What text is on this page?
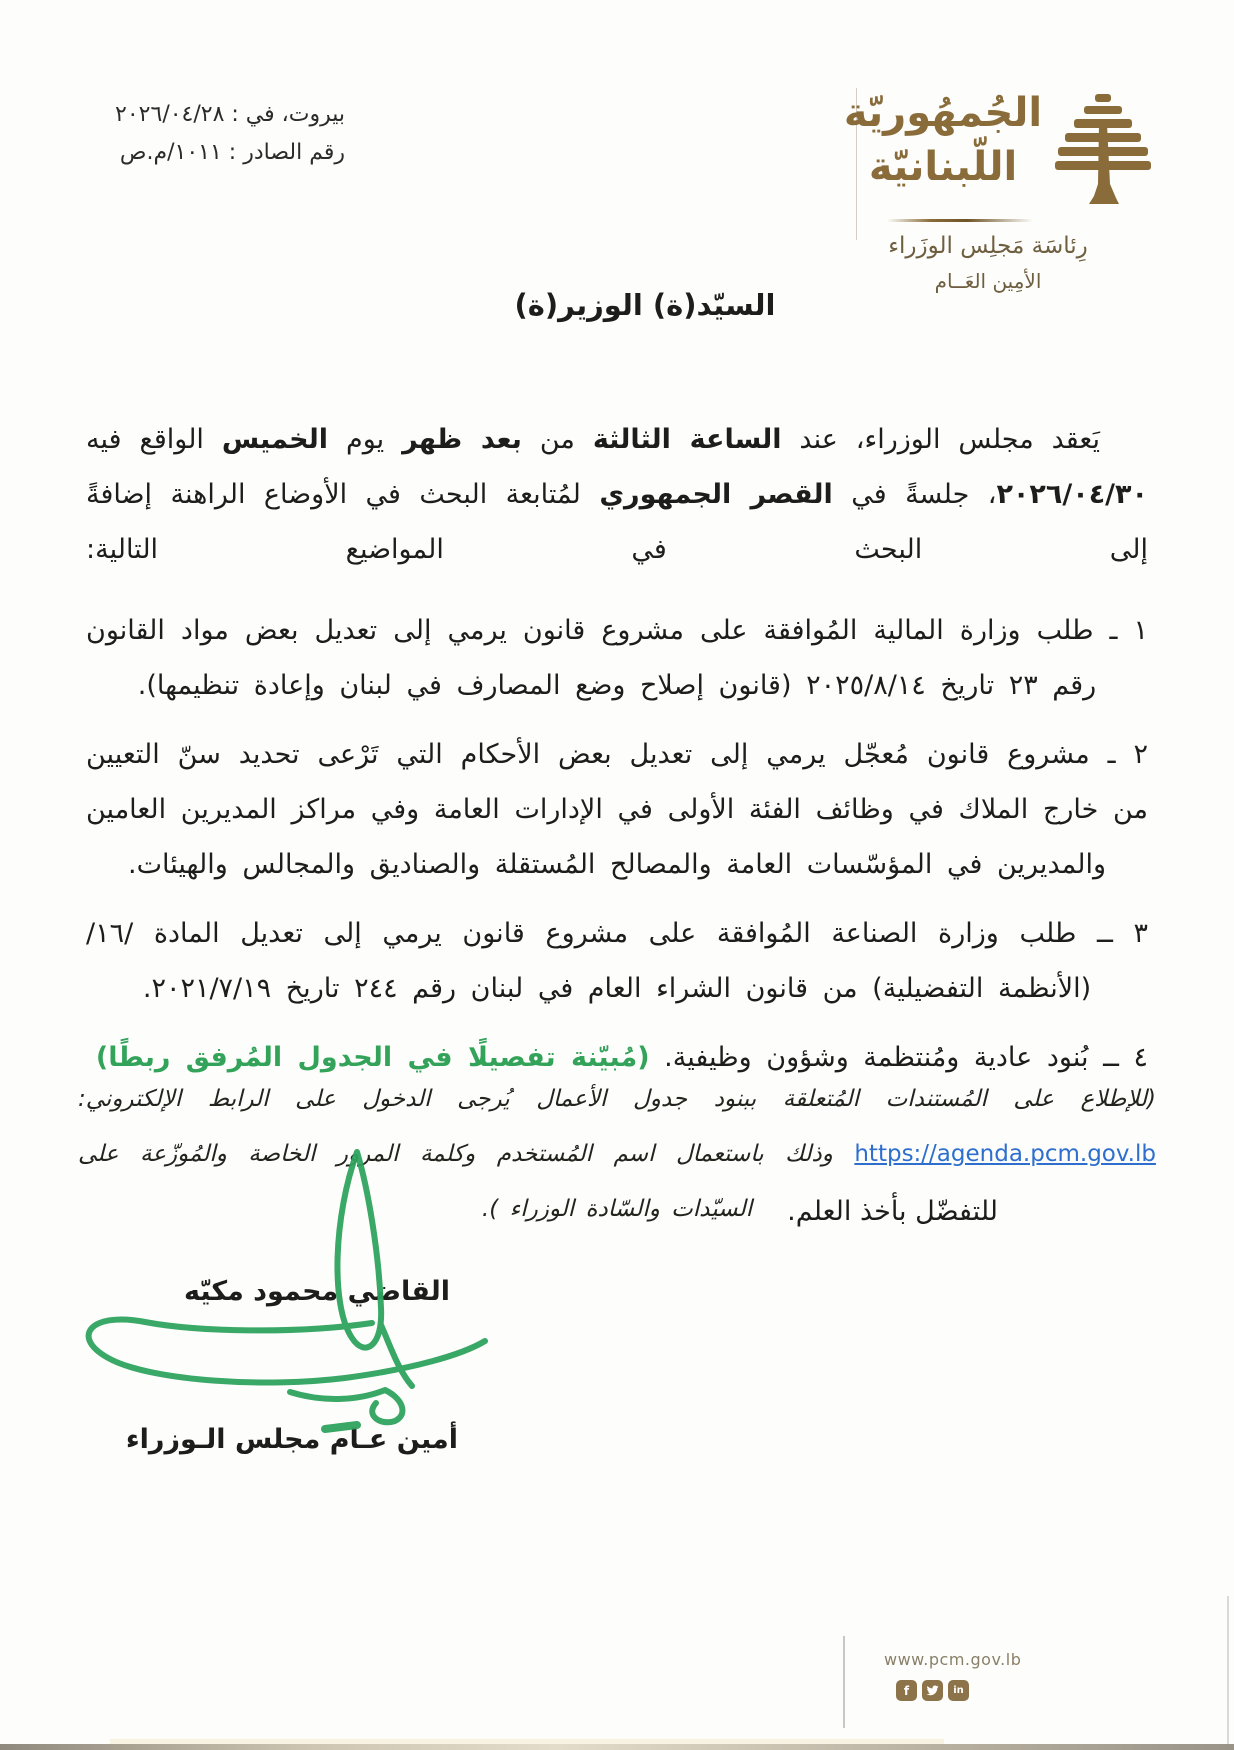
بيروت، في : ٢٠٢٦/٠٤/٢٨
رقم الصادر : ١٠١١/م.ص
الجُمهُوريّة
اللّبنانيّة
رِئاسَة مَجلِس الوزَراء
الأمِين العَــام
السيّد(ة) الوزير(ة)

يَعقد مجلس الوزراء، عند الساعة الثالثة من بعد ظهر يوم الخميس الواقع فيه ٢٠٢٦/٠٤/٣٠، جلسةً في القصر الجمهوري لمُتابعة البحث في الأوضاع الراهنة إضافةً إلى البحث في المواضيع التالية:

١ ـ طلب وزارة المالية المُوافقة على مشروع قانون يرمي إلى تعديل بعض مواد القانون رقم ٢٣ تاريخ ٢٠٢٥/٨/١٤ (قانون إصلاح وضع المصارف في لبنان وإعادة تنظيمها).

٢ ـ مشروع قانون مُعجّل يرمي إلى تعديل بعض الأحكام التي تَرْعى تحديد سنّ التعيين من خارج الملاك في وظائف الفئة الأولى في الإدارات العامة وفي مراكز المديرين العامين والمديرين في المؤسّسات العامة والمصالح المُستقلة والصناديق والمجالس والهيئات.

٣ ــ طلب وزارة الصناعة المُوافقة على مشروع قانون يرمي إلى تعديل المادة /١٦/ (الأنظمة التفضيلية) من قانون الشراء العام في لبنان رقم ٢٤٤ تاريخ ٢٠٢١/٧/١٩.

٤ ــ بُنود عادية ومُنتظمة وشؤون وظيفية. (مُبيّنة تفصيلًا في الجدول المُرفق ربطًا)

(للإطلاع على المُستندات المُتعلقة ببنود جدول الأعمال يُرجى الدخول على الرابط الإلكتروني: https://agenda.pcm.gov.lb وذلك باستعمال اسم المُستخدم وكلمة المرور الخاصة والمُوزّعة على السيّدات والسّادة الوزراء ).	للتفضّل بأخذ العلم.
القاضي محمود مكيّه
أمين عـام مجلس الـوزراء
www.pcm.gov.lb
f	in
